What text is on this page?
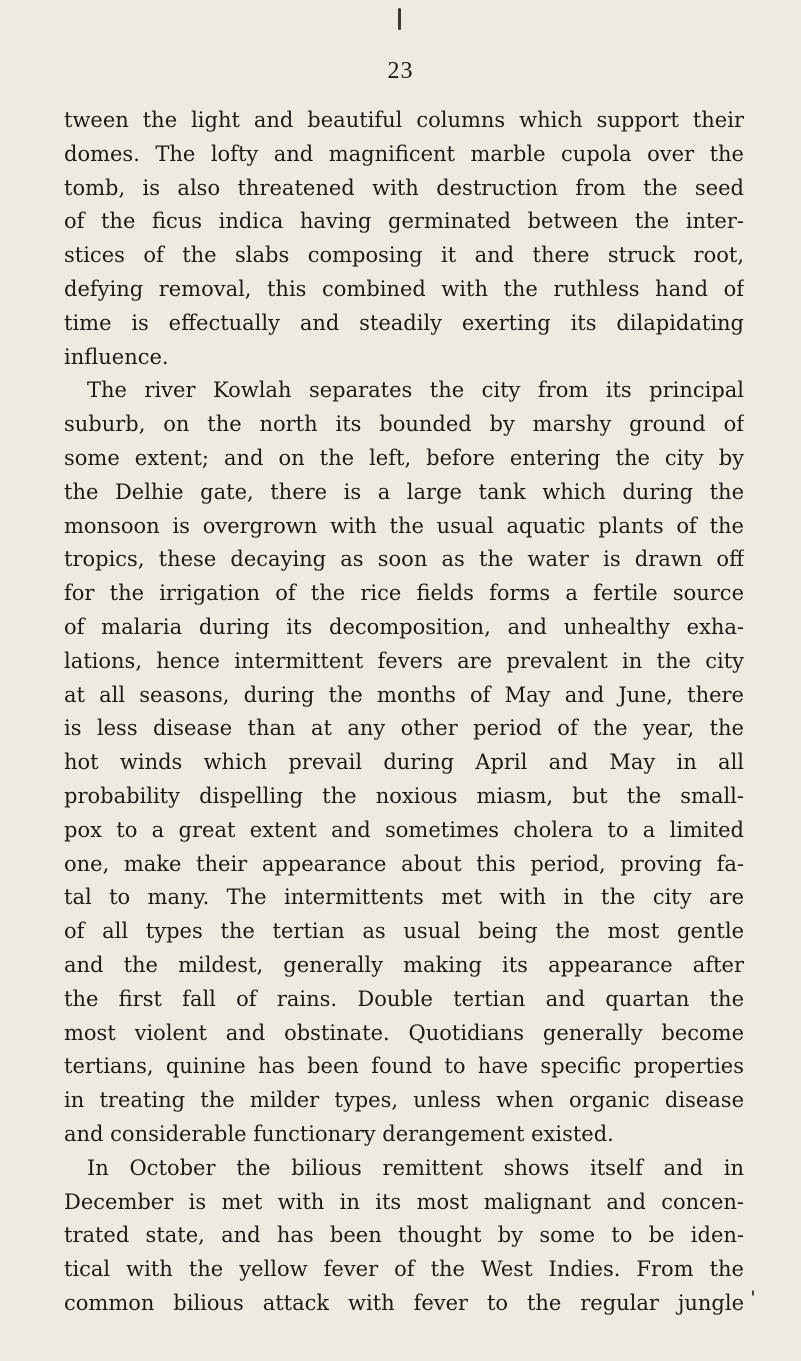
23
tween the light and beautiful columns which support their
domes. The lofty and magnificent marble cupola over the
tomb, is also threatened with destruction from the seed
of the ficus indica having germinated between the inter-
stices of the slabs composing it and there struck root,
defying removal, this combined with the ruthless hand of
time is effectually and steadily exerting its dilapidating
influence.
The river Kowlah separates the city from its principal
suburb, on the north its bounded by marshy ground of
some extent; and on the left, before entering the city by
the Delhie gate, there is a large tank which during the
monsoon is overgrown with the usual aquatic plants of the
tropics, these decaying as soon as the water is drawn off
for the irrigation of the rice fields forms a fertile source
of malaria during its decomposition, and unhealthy exha-
lations, hence intermittent fevers are prevalent in the city
at all seasons, during the months of May and June, there
is less disease than at any other period of the year, the
hot winds which prevail during April and May in all
probability dispelling the noxious miasm, but the small-
pox to a great extent and sometimes cholera to a limited
one, make their appearance about this period, proving fa-
tal to many. The intermittents met with in the city are
of all types the tertian as usual being the most gentle
and the mildest, generally making its appearance after
the first fall of rains. Double tertian and quartan the
most violent and obstinate. Quotidians generally become
tertians, quinine has been found to have specific properties
in treating the milder types, unless when organic disease
and considerable functionary derangement existed.
In October the bilious remittent shows itself and in
December is met with in its most malignant and concen-
trated state, and has been thought by some to be iden-
tical with the yellow fever of the West Indies. From the
common bilious attack with fever to the regular jungle
